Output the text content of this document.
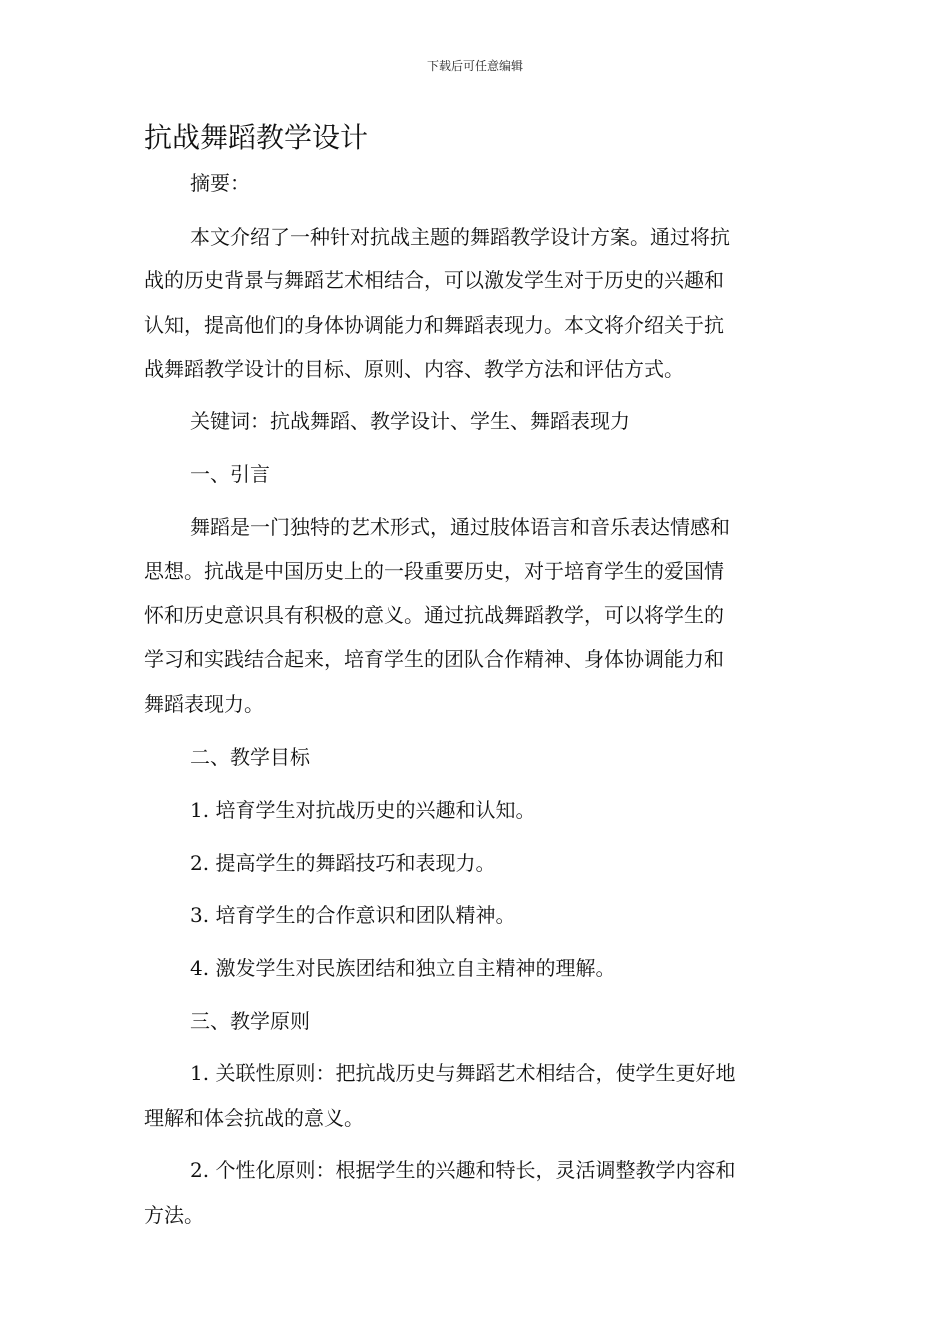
下载后可任意编辑
抗战舞蹈教学设计

摘要：

本文介绍了一种针对抗战主题的舞蹈教学设计方案。通过将抗

战的历史背景与舞蹈艺术相结合，可以激发学生对于历史的兴趣和

认知，提高他们的身体协调能力和舞蹈表现力。本文将介绍关于抗

战舞蹈教学设计的目标、原则、内容、教学方法和评估方式。

关键词：抗战舞蹈、教学设计、学生、舞蹈表现力

一、引言

舞蹈是一门独特的艺术形式，通过肢体语言和音乐表达情感和

思想。抗战是中国历史上的一段重要历史，对于培育学生的爱国情

怀和历史意识具有积极的意义。通过抗战舞蹈教学，可以将学生的

学习和实践结合起来，培育学生的团队合作精神、身体协调能力和

舞蹈表现力。

二、教学目标

1. 培育学生对抗战历史的兴趣和认知。

2. 提高学生的舞蹈技巧和表现力。

3. 培育学生的合作意识和团队精神。

4. 激发学生对民族团结和独立自主精神的理解。

三、教学原则

1. 关联性原则：把抗战历史与舞蹈艺术相结合，使学生更好地

理解和体会抗战的意义。

2. 个性化原则：根据学生的兴趣和特长，灵活调整教学内容和

方法。
